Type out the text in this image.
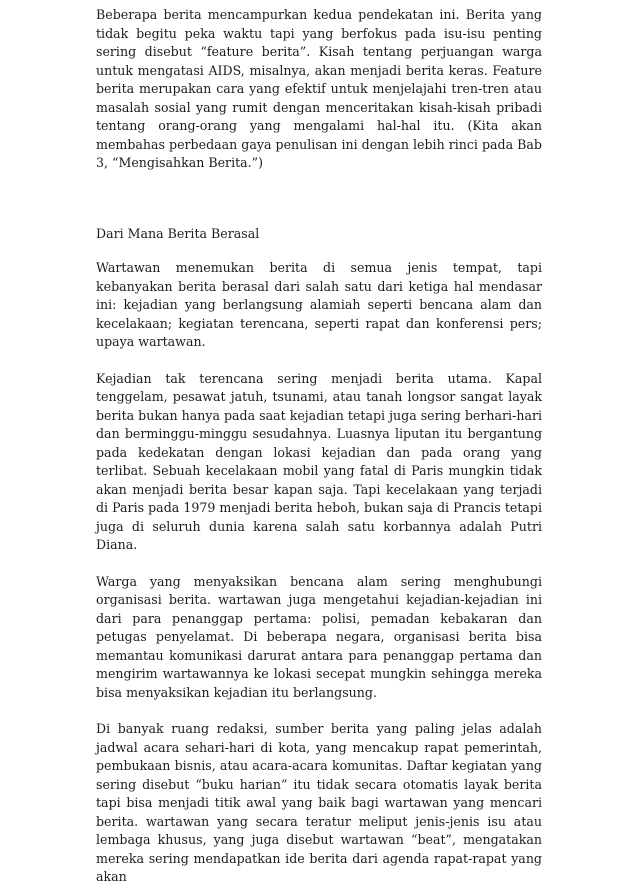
Beberapa berita mencampurkan kedua pendekatan ini. Berita yang tidak begitu peka waktu tapi yang berfokus pada isu-isu penting sering disebut “feature berita”. Kisah tentang perjuangan warga untuk mengatasi AIDS, misalnya, akan menjadi berita keras. Feature berita merupakan cara yang efektif untuk menjelajahi tren-tren atau masalah sosial yang rumit dengan menceritakan kisah-kisah pribadi tentang orang-orang yang mengalami hal-hal itu. (Kita akan membahas perbedaan gaya penulisan ini dengan lebih rinci pada Bab 3, “Mengisahkan Berita.”)

Dari Mana Berita Berasal

Wartawan menemukan berita di semua jenis tempat, tapi kebanyakan berita berasal dari salah satu dari ketiga hal mendasar ini: kejadian yang berlangsung alamiah seperti bencana alam dan kecelakaan; kegiatan terencana, seperti rapat dan konferensi pers; upaya wartawan.

Kejadian tak terencana sering menjadi berita utama. Kapal tenggelam, pesawat jatuh, tsunami, atau tanah longsor sangat layak berita bukan hanya pada saat kejadian tetapi juga sering berhari-hari dan berminggu-minggu sesudahnya. Luasnya liputan itu bergantung pada kedekatan dengan lokasi kejadian dan pada orang yang terlibat. Sebuah kecelakaan mobil yang fatal di Paris mungkin tidak akan menjadi berita besar kapan saja. Tapi kecelakaan yang terjadi di Paris pada 1979 menjadi berita heboh, bukan saja di Prancis tetapi juga di seluruh dunia karena salah satu korbannya adalah Putri Diana.

Warga yang menyaksikan bencana alam sering menghubungi organisasi berita. wartawan juga mengetahui kejadian-kejadian ini dari para penanggap pertama: polisi, pemadan kebakaran dan petugas penyelamat. Di beberapa negara, organisasi berita bisa memantau komunikasi darurat antara para penanggap pertama dan mengirim wartawannya ke lokasi secepat mungkin sehingga mereka bisa menyaksikan kejadian itu berlangsung.

Di banyak ruang redaksi, sumber berita yang paling jelas adalah jadwal acara sehari-hari di kota, yang mencakup rapat pemerintah, pembukaan bisnis, atau acara-acara komunitas. Daftar kegiatan yang sering disebut “buku harian” itu tidak secara otomatis layak berita tapi bisa menjadi titik awal yang baik bagi wartawan yang mencari berita. wartawan yang secara teratur meliput jenis-jenis isu atau lembaga khusus, yang juga disebut wartawan “beat”, mengatakan mereka sering mendapatkan ide berita dari agenda rapat-rapat yang akan
